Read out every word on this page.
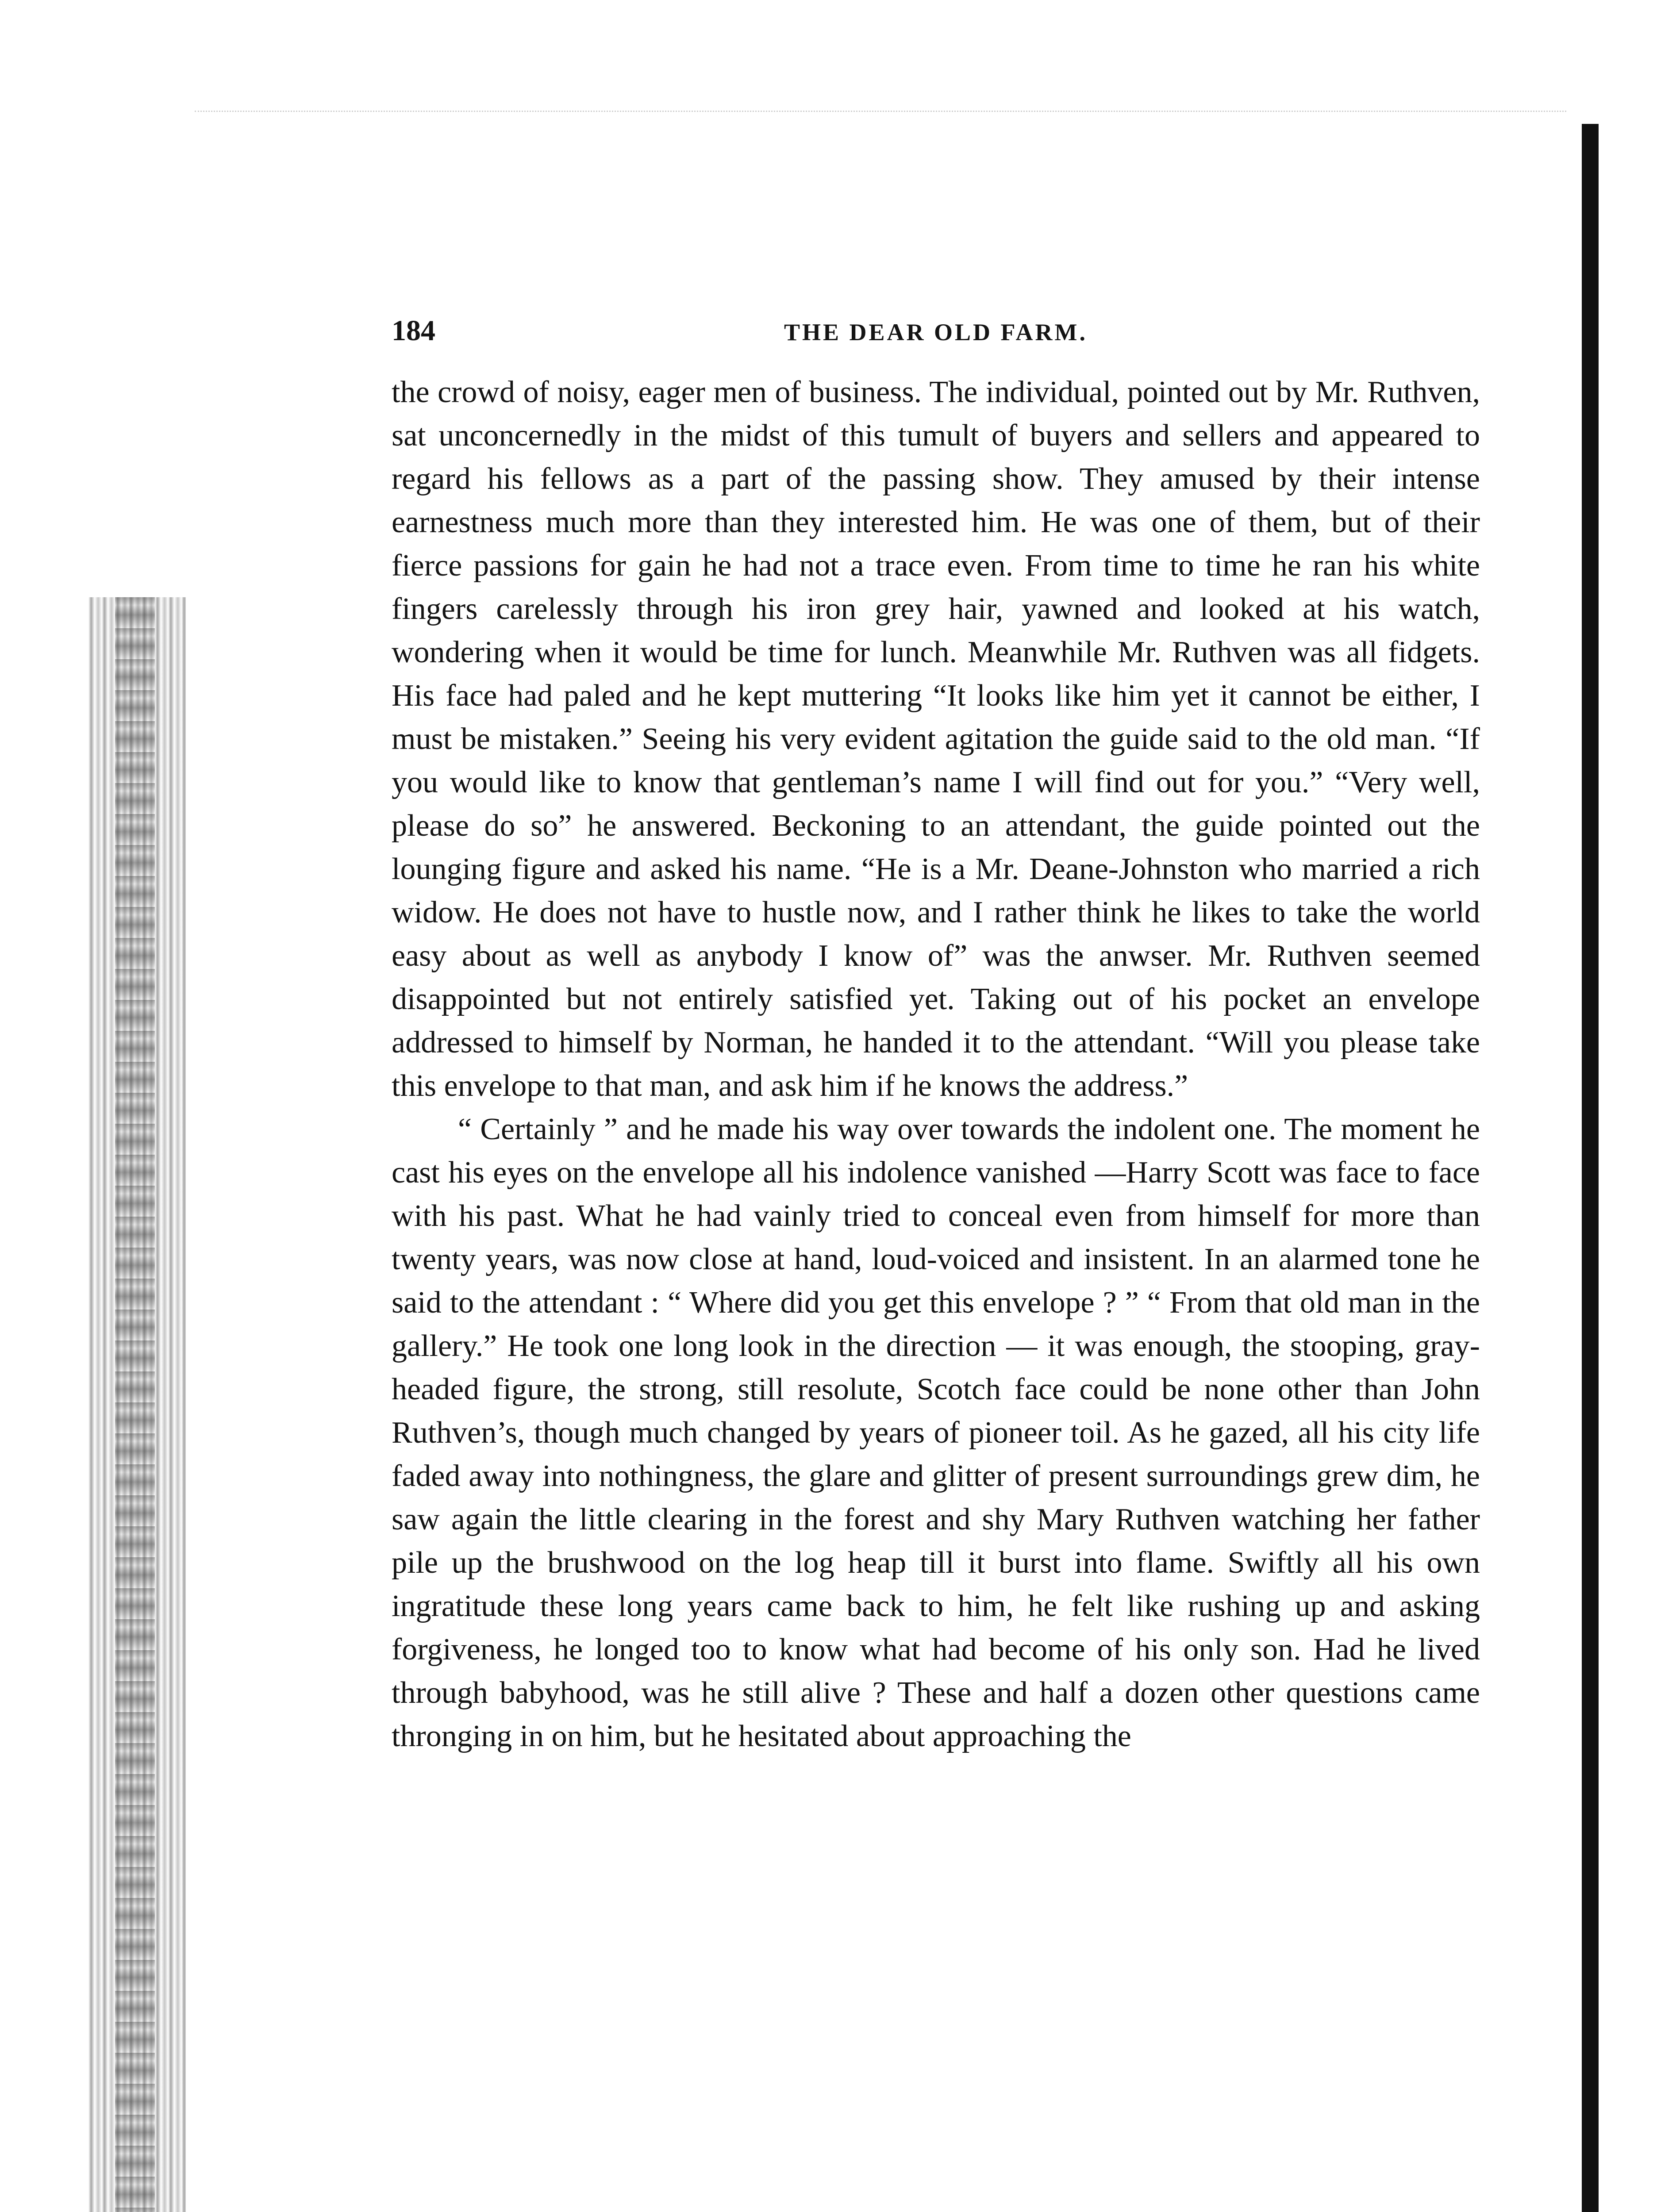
184	THE DEAR OLD FARM.

the crowd of noisy, eager men of business. The individual, pointed out by Mr. Ruthven, sat unconcernedly in the midst of this tumult of buyers and sellers and appeared to regard his fellows as a part of the passing show. They amused by their intense earnestness much more than they interested him. He was one of them, but of their fierce passions for gain he had not a trace even. From time to time he ran his white fingers carelessly through his iron grey hair, yawned and looked at his watch, wondering when it would be time for lunch. Meanwhile Mr. Ruthven was all fidgets. His face had paled and he kept muttering “It looks like him yet it cannot be either, I must be mistaken.” Seeing his very evident agitation the guide said to the old man. “If you would like to know that gentleman’s name I will find out for you.” “Very well, please do so” he answered. Beckoning to an attendant, the guide pointed out the lounging figure and asked his name. “He is a Mr. Deane-Johnston who married a rich widow. He does not have to hustle now, and I rather think he likes to take the world easy about as well as anybody I know of” was the anwser. Mr. Ruthven seemed disappointed but not entirely satisfied yet. Taking out of his pocket an envelope addressed to himself by Norman, he handed it to the attendant. “Will you please take this envelope to that man, and ask him if he knows the address.”

“ Certainly ” and he made his way over towards the indolent one. The moment he cast his eyes on the envelope all his indolence vanished —Harry Scott was face to face with his past. What he had vainly tried to conceal even from himself for more than twenty years, was now close at hand, loud-voiced and insistent. In an alarmed tone he said to the attendant : “ Where did you get this envelope ? ” “ From that old man in the gallery.” He took one long look in the direction — it was enough, the stooping, gray-headed figure, the strong, still resolute, Scotch face could be none other than John Ruthven’s, though much changed by years of pioneer toil. As he gazed, all his city life faded away into nothingness, the glare and glitter of present surroundings grew dim, he saw again the little clearing in the forest and shy Mary Ruthven watching her father pile up the brushwood on the log heap till it burst into flame. Swiftly all his own ingratitude these long years came back to him, he felt like rushing up and asking forgiveness, he longed too to know what had become of his only son. Had he lived through babyhood, was he still alive ? These and half a dozen other questions came thronging in on him, but he hesitated about approaching the
